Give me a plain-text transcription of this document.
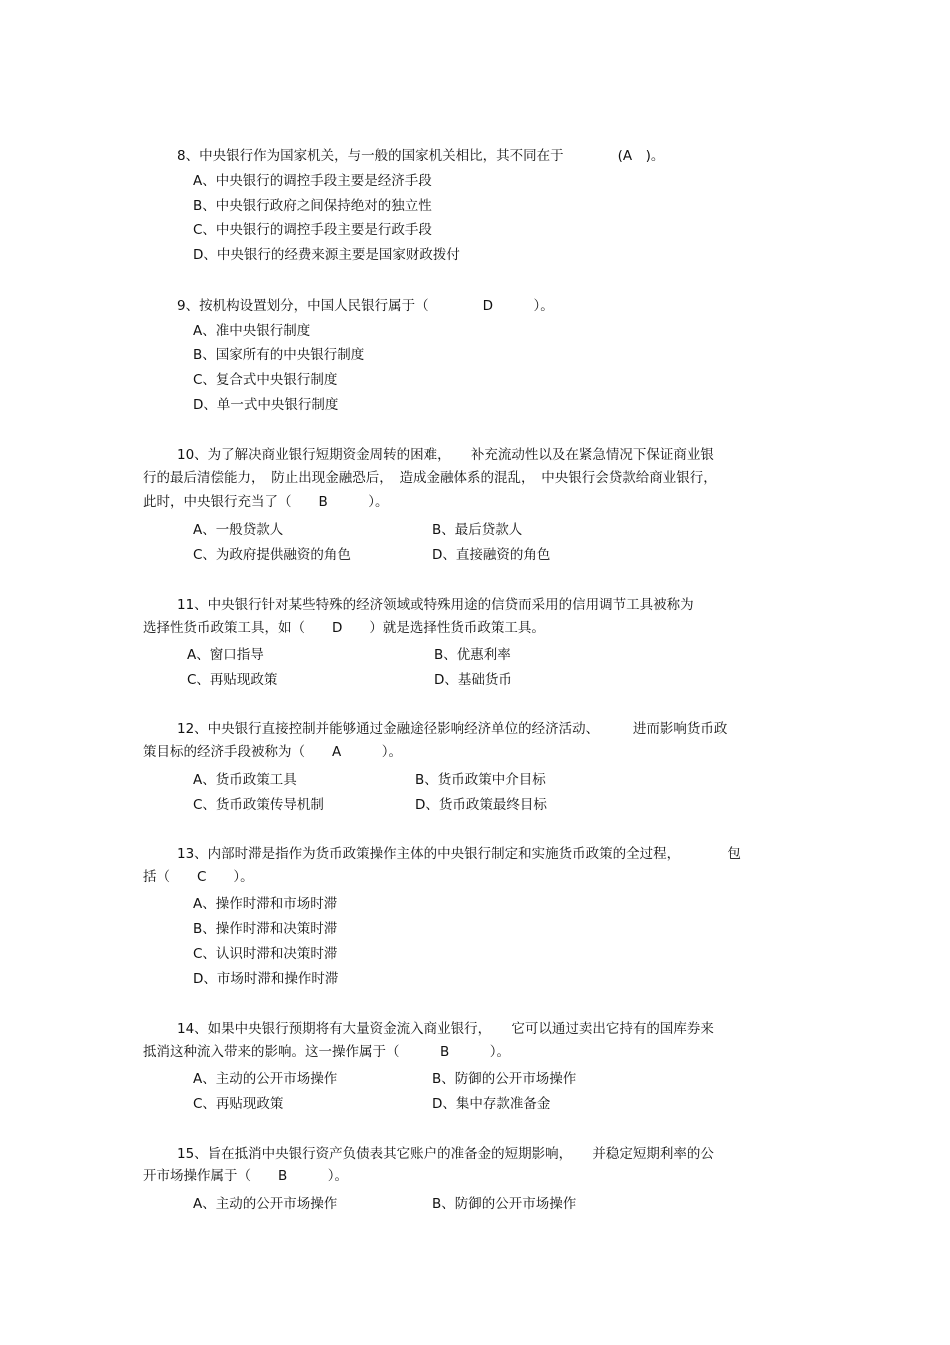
8、中央银行作为国家机关，与一般的国家机关相比，其不同在于　　　　(A　)。
A、中央银行的调控手段主要是经济手段
B、中央银行政府之间保持绝对的独立性
C、中央银行的调控手段主要是行政手段
D、中央银行的经费来源主要是国家财政拨付
9、按机构设置划分，中国人民银行属于（　　　　D　　　）。
A、准中央银行制度
B、国家所有的中央银行制度
C、复合式中央银行制度
D、单一式中央银行制度
10、为了解决商业银行短期资金周转的困难，　　补充流动性以及在紧急情况下保证商业银
行的最后清偿能力，　防止出现金融恐后，　造成金融体系的混乱，　中央银行会贷款给商业银行，
此时，中央银行充当了（　　B　　　）。
A、一般贷款人	B、最后贷款人
C、为政府提供融资的角色	D、直接融资的角色
11、中央银行针对某些特殊的经济领域或特殊用途的信贷而采用的信用调节工具被称为
选择性货币政策工具，如（　　D　　）就是选择性货币政策工具。
A、窗口指导	B、优惠利率
C、再贴现政策	D、基础货币
12、中央银行直接控制并能够通过金融途径影响经济单位的经济活动、　　　进而影响货币政
策目标的经济手段被称为（　　A　　　）。
A、货币政策工具	B、货币政策中介目标
C、货币政策传导机制	D、货币政策最终目标
13、内部时滞是指作为货币政策操作主体的中央银行制定和实施货币政策的全过程，　　　　包
括（　　C　　）。
A、操作时滞和市场时滞
B、操作时滞和决策时滞
C、认识时滞和决策时滞
D、市场时滞和操作时滞
14、如果中央银行预期将有大量资金流入商业银行，　　它可以通过卖出它持有的国库券来
抵消这种流入带来的影响。这一操作属于（　　　B　　　）。
A、主动的公开市场操作	B、防御的公开市场操作
C、再贴现政策	D、集中存款准备金
15、旨在抵消中央银行资产负债表其它账户的准备金的短期影响，　　并稳定短期利率的公
开市场操作属于（　　B　　　）。
A、主动的公开市场操作	B、防御的公开市场操作
